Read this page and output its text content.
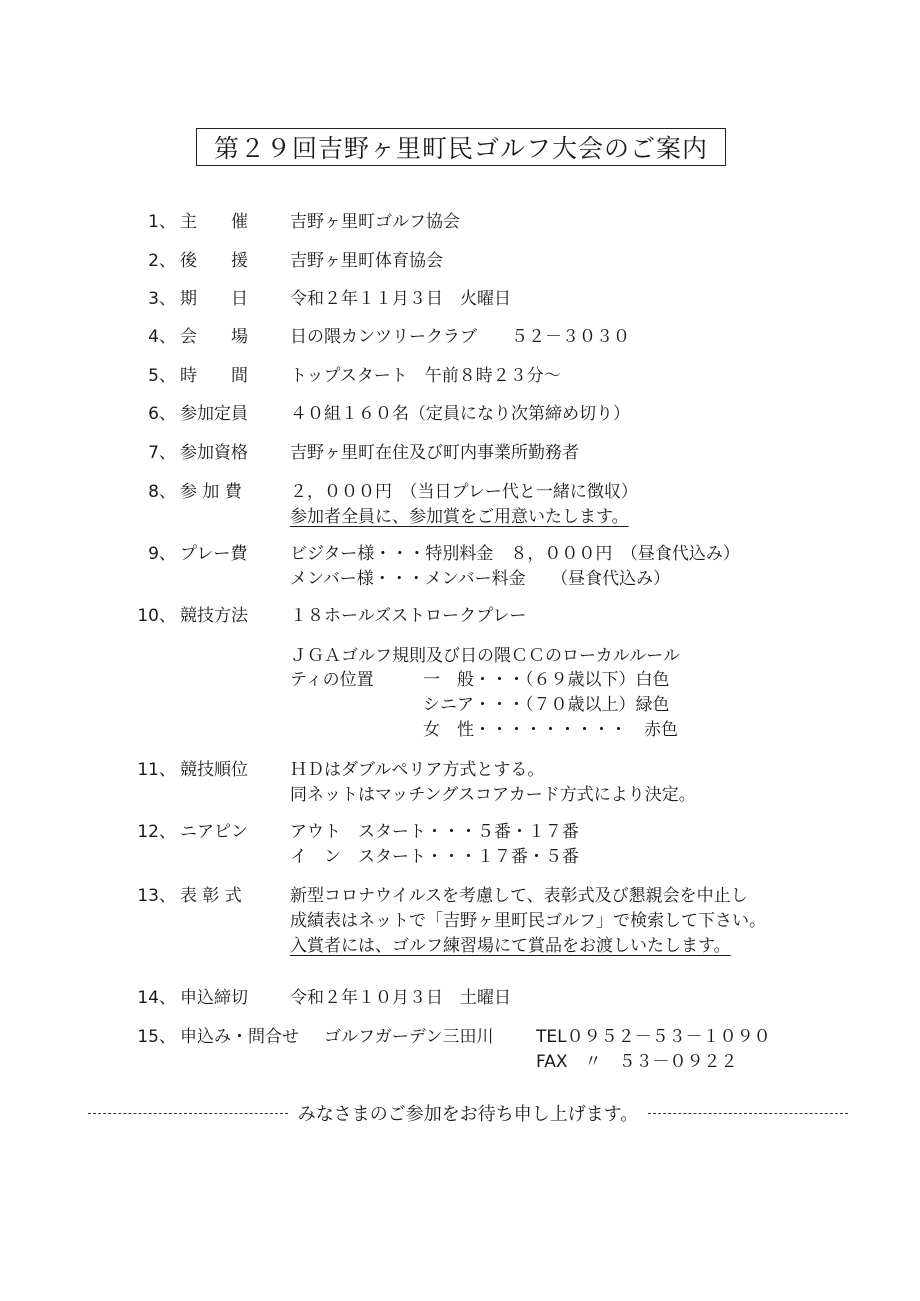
第２９回吉野ヶ里町民ゴルフ大会のご案内
1、 主　　催 吉野ヶ里町ゴルフ協会
2、 後　　援 吉野ヶ里町体育協会
3、 期　　日 令和２年１１月３日　火曜日
4、 会　　場 日の隈カンツリークラブ　　５２－３０３０
5、 時　　間 トップスタート　午前８時２３分～
6、 参加定員 ４０組１６０名（定員になり次第締め切り）
7、 参加資格 吉野ヶ里町在住及び町内事業所勤務者
8、 参 加 費	２，０００円　（当日プレー代と一緒に徴収）
参加者全員に、参加賞をご用意いたします。
9、 プレー費	ビジター様・・・特別料金　８，０００円　（昼食代込み）
メンバー様・・・メンバー料金　　（昼食代込み）
10、 競技方法 １８ホールズストロークプレー
ＪＧＡゴルフ規則及び日の隈ＣＣのローカルルール
ティの位置	一　般・・・（６９歳以下）白色
シニア・・・（７０歳以上）緑色
女　性・・・・・・・・・　赤色
11、 競技順位 ＨＤはダブルペリア方式とする。
同ネットはマッチングスコアカード方式により決定。
12、 ニアピン アウト　スタート・・・５番・１７番
イ　ン　スタート・・・１７番・５番
13、 表 彰 式	新型コロナウイルスを考慮して、表彰式及び懇親会を中止し
成績表はネットで「吉野ヶ里町民ゴルフ」で検索して下さい。
入賞者には、ゴルフ練習場にて賞品をお渡しいたします。
14、 申込締切 令和２年１０月３日　土曜日
15、 申込み・問合せ ゴルフガーデン三田川	TEL０９５２－５３－１０９０
FAX　〃　５３－０９２２
みなさまのご参加をお待ち申し上げます。
